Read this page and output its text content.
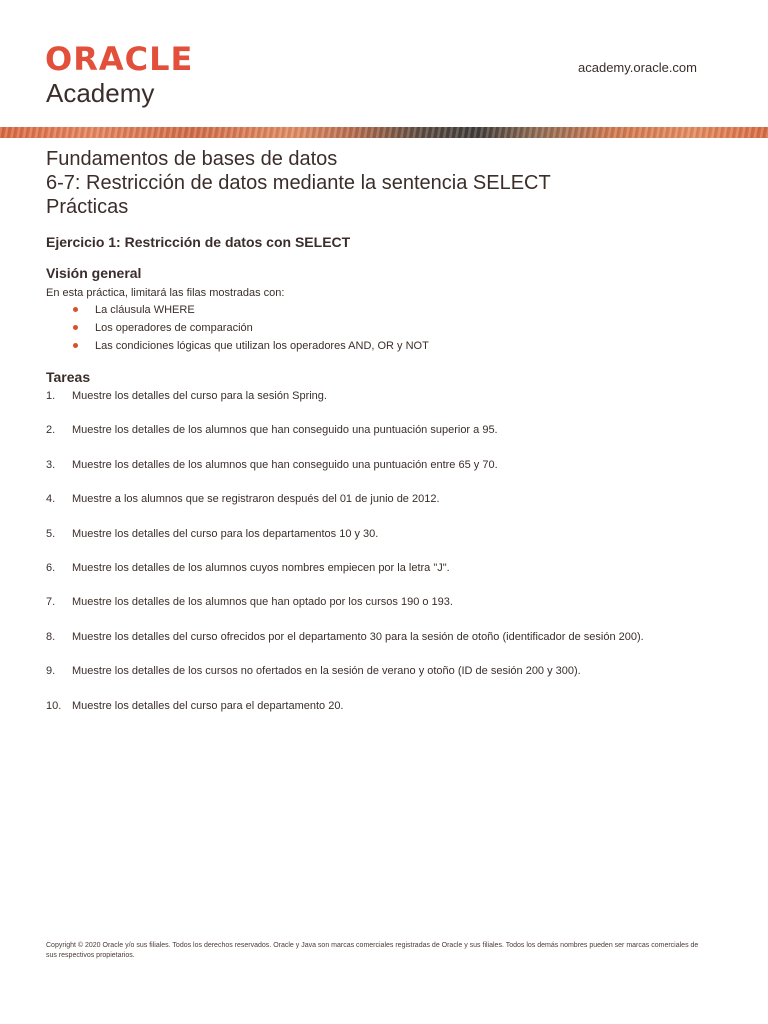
ORACLE
Academy
academy.oracle.com
Fundamentos de bases de datos
6-7: Restricción de datos mediante la sentencia SELECT
Prácticas
Ejercicio 1: Restricción de datos con SELECT
Visión general
En esta práctica, limitará las filas mostradas con:
La cláusula WHERE
Los operadores de comparación
Las condiciones lógicas que utilizan los operadores AND, OR y NOT
Tareas
1. Muestre los detalles del curso para la sesión Spring.
2. Muestre los detalles de los alumnos que han conseguido una puntuación superior a 95.
3. Muestre los detalles de los alumnos que han conseguido una puntuación entre 65 y 70.
4. Muestre a los alumnos que se registraron después del 01 de junio de 2012.
5. Muestre los detalles del curso para los departamentos 10 y 30.
6. Muestre los detalles de los alumnos cuyos nombres empiecen por la letra "J".
7. Muestre los detalles de los alumnos que han optado por los cursos 190 o 193.
8. Muestre los detalles del curso ofrecidos por el departamento 30 para la sesión de otoño (identificador de sesión 200).
9. Muestre los detalles de los cursos no ofertados en la sesión de verano y otoño (ID de sesión 200 y 300).
10. Muestre los detalles del curso para el departamento 20.
Copyright © 2020 Oracle y/o sus filiales. Todos los derechos reservados. Oracle y Java son marcas comerciales registradas de Oracle y sus filiales. Todos los demás nombres pueden ser marcas comerciales de sus respectivos propietarios.
